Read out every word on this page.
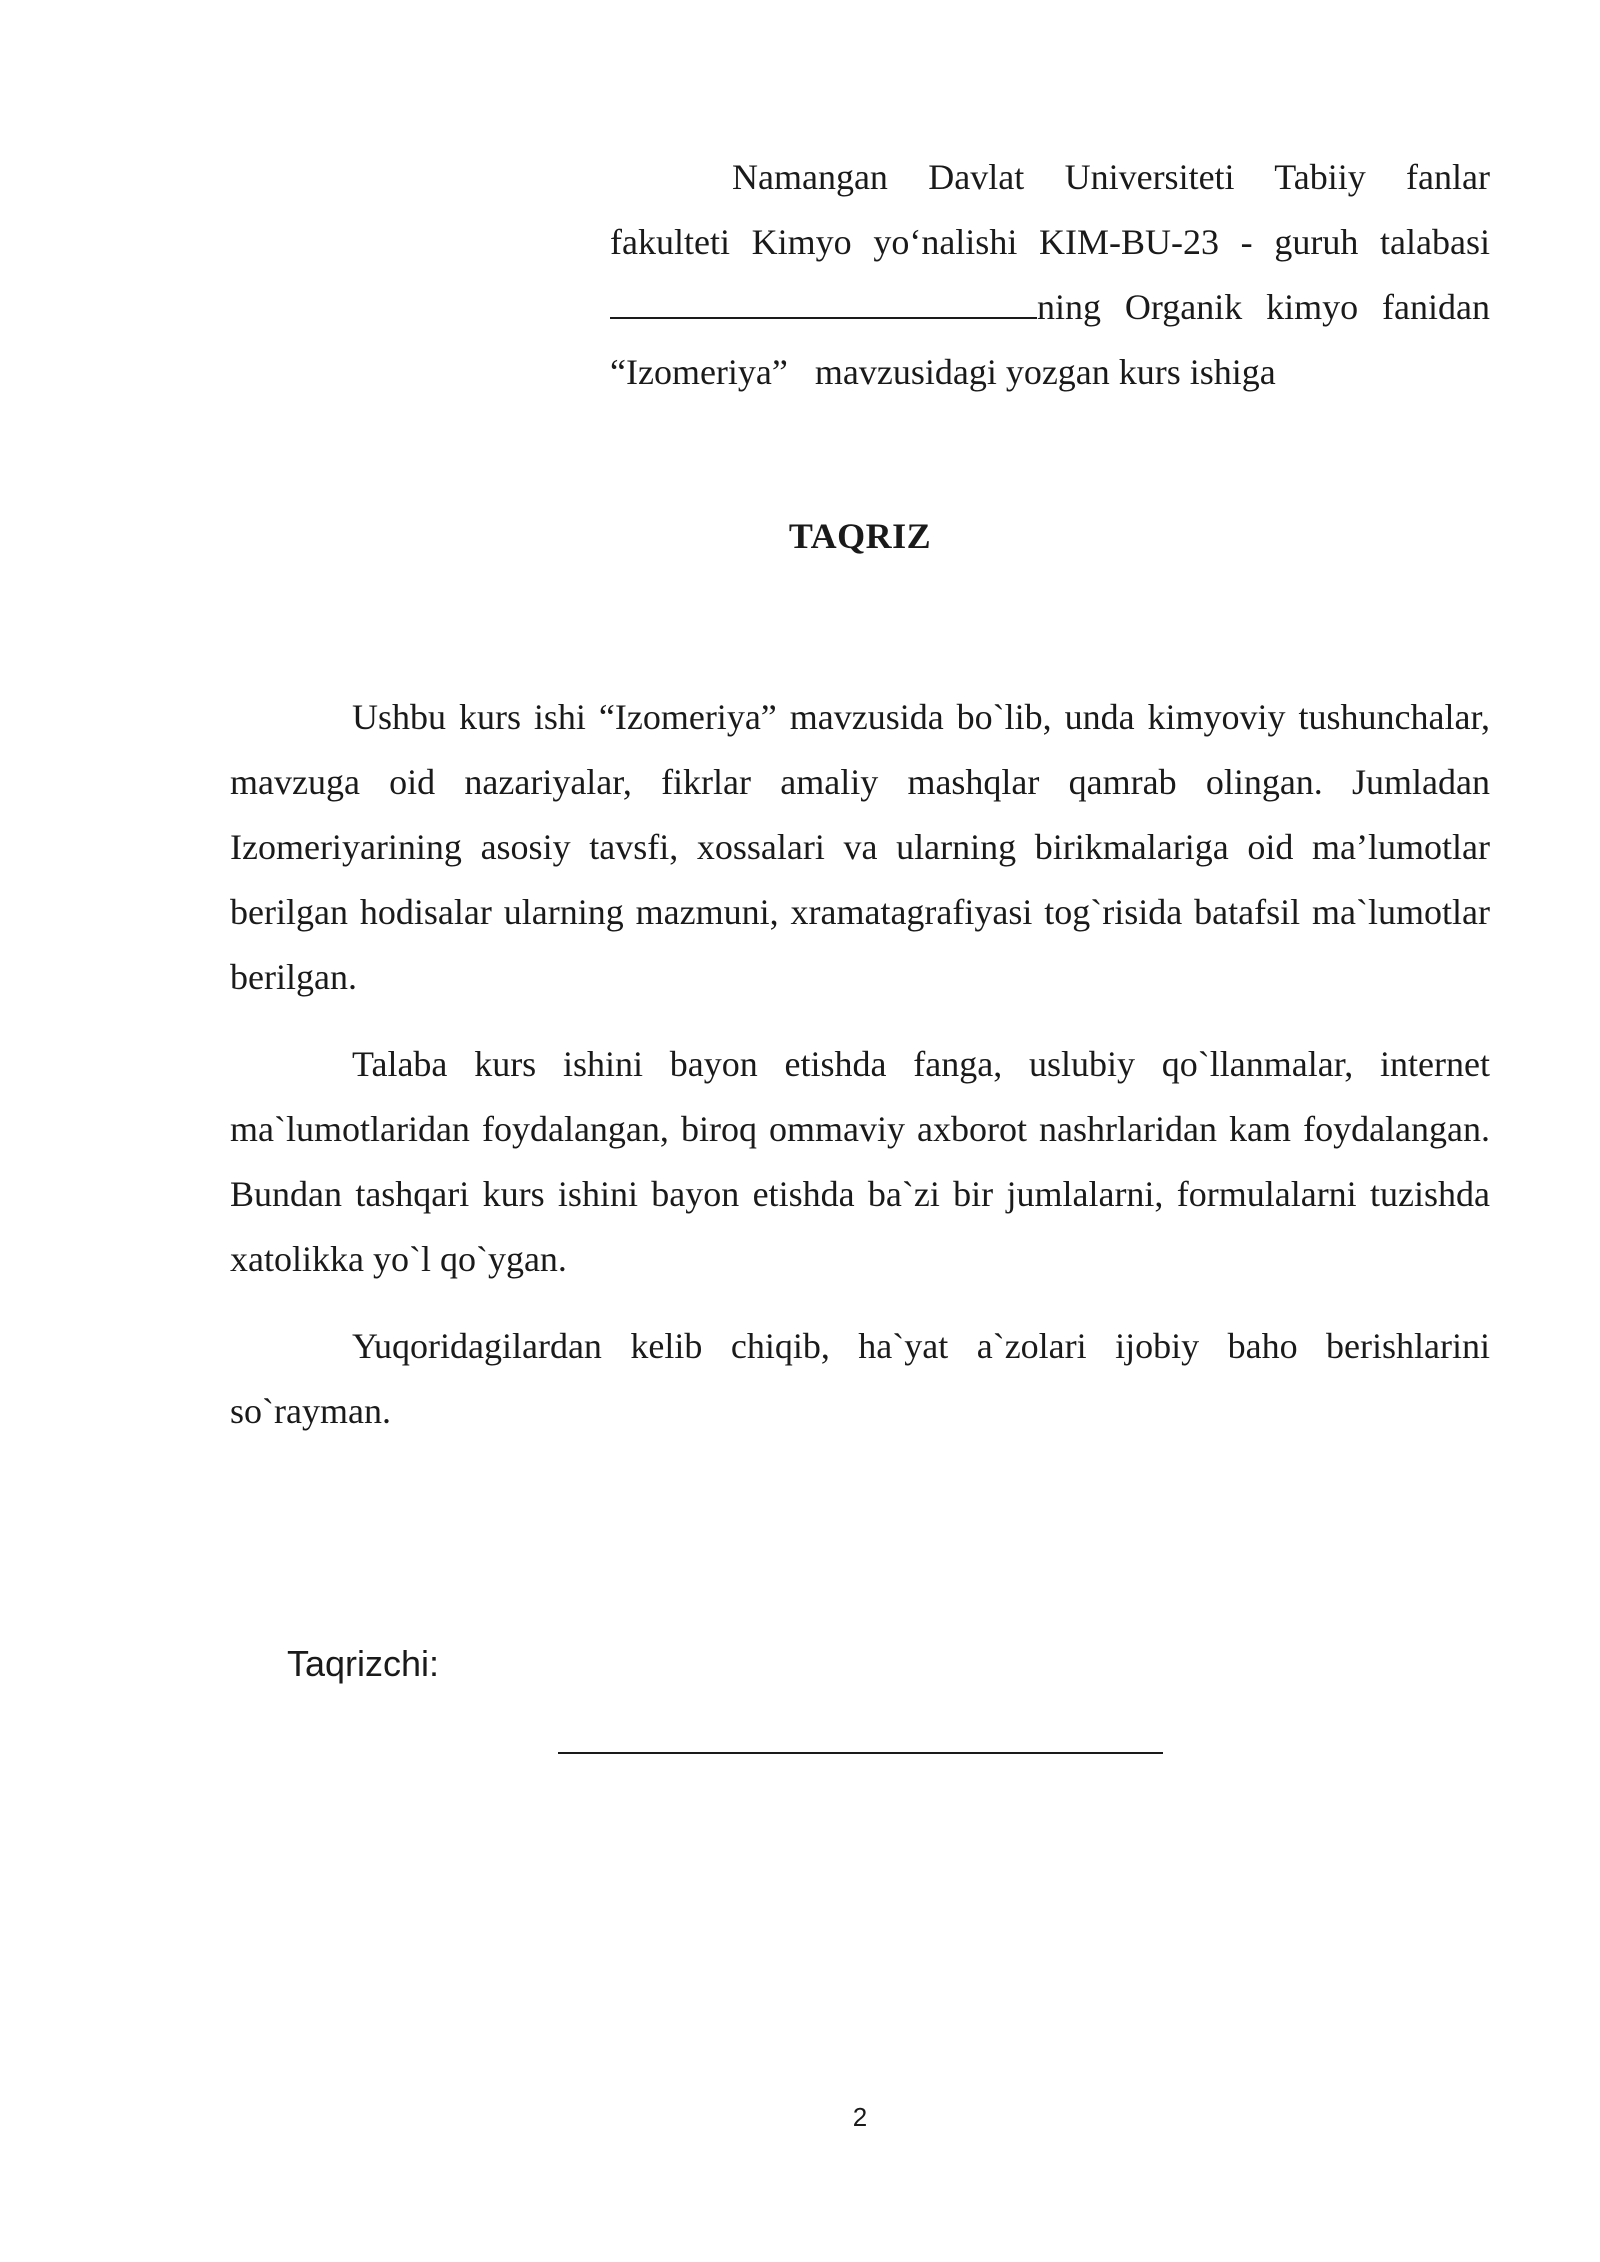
Namangan Davlat Universiteti Tabiiy fanlar
fakulteti Kimyo yo‘nalishi KIM-BU-23 - guruh talabasi
ning Organik kimyo fanidan
“Izomeriya”   mavzusidagi yozgan kurs ishiga
TAQRIZ

Ushbu kurs ishi “Izomeriya” mavzusida bo`lib, unda kimyoviy tushunchalar, mavzuga oid nazariyalar, fikrlar amaliy mashqlar qamrab olingan. Jumladan Izomeriyarining asosiy tavsfi, xossalari va ularning birikmalariga oid ma’lumotlar berilgan hodisalar ularning mazmuni, xramatagrafiyasi tog`risida batafsil ma`lumotlar berilgan.

Talaba kurs ishini bayon etishda fanga, uslubiy qo`llanmalar, internet ma`lumotlaridan foydalangan, biroq ommaviy axborot nashrlaridan kam foydalangan. Bundan tashqari kurs ishini bayon etishda ba`zi bir jumlalarni, formulalarni tuzishda xatolikka yo`l qo`ygan.

Yuqoridagilardan kelib chiqib, ha`yat a`zolari ijobiy baho berishlarini so`rayman.

Taqrizchi:
2
